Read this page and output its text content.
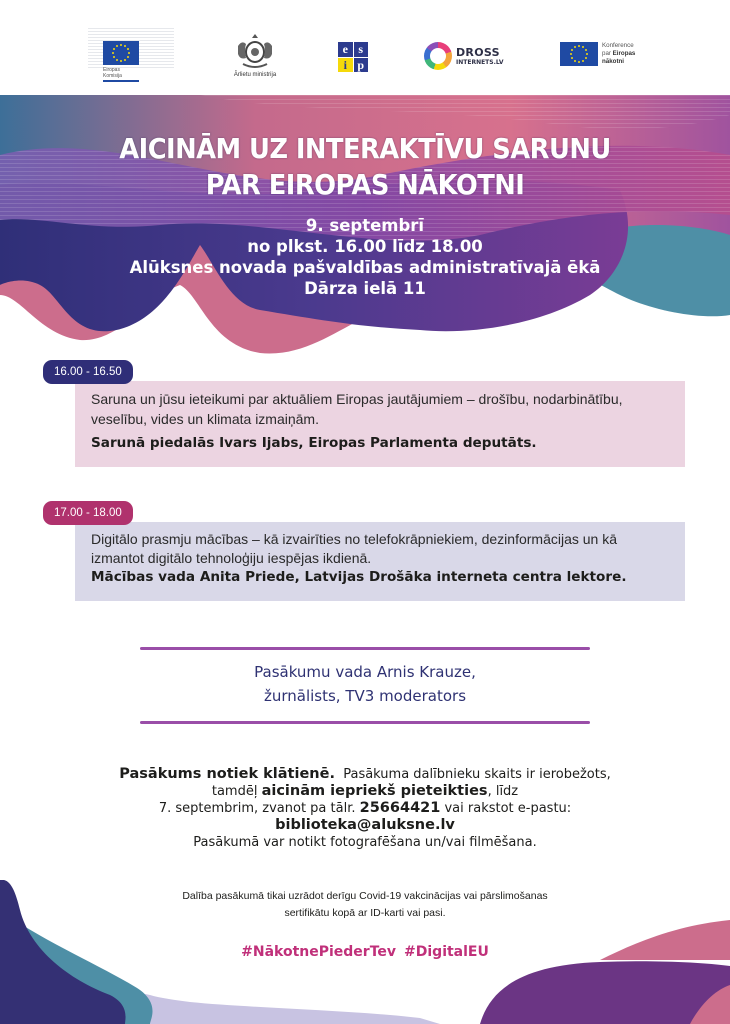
Eiropas
Komisija	Ārlietu ministrija
e s
i p
DROSS
INTERNETS.LV
Konference
par Eiropas
nākotni
AICINĀM UZ INTERAKTĪVU SARUNU
PAR EIROPAS NĀKOTNI
9. septembrī
no plkst. 16.00 līdz 18.00
Alūksnes novada pašvaldības administratīvajā ēkā
Dārza ielā 11
Saruna un jūsu ieteikumi par aktuāliem Eiropas jautājumiem – drošību, nodarbinātību, veselību, vides un klimata izmaiņām.
Sarunā piedalās Ivars Ijabs, Eiropas Parlamenta deputāts.
16.00 - 16.50
Digitālo prasmju mācības – kā izvairīties no telefokrāpniekiem, dezinformācijas un kā izmantot digitālo tehnoloģiju iespējas ikdienā.
Mācības vada Anita Priede, Latvijas Drošāka interneta centra lektore.
17.00 - 18.00
Pasākumu vada Arnis Krauze,
žurnālists, TV3 moderators
Pasākums notiek klātienē. Pasākuma dalībnieku skaits ir ierobežots,
tamdēļ aicinām iepriekš pieteikties, līdz
7. septembrim, zvanot pa tālr. 25664421 vai rakstot e-pastu:
biblioteka@aluksne.lv
Pasākumā var notikt fotografēšana un/vai filmēšana.
Dalība pasākumā tikai uzrādot derīgu Covid-19 vakcinācijas vai pārslimošanas
sertifikātu kopā ar ID-karti vai pasi.
#NākotnePiederTev #DigitalEU
